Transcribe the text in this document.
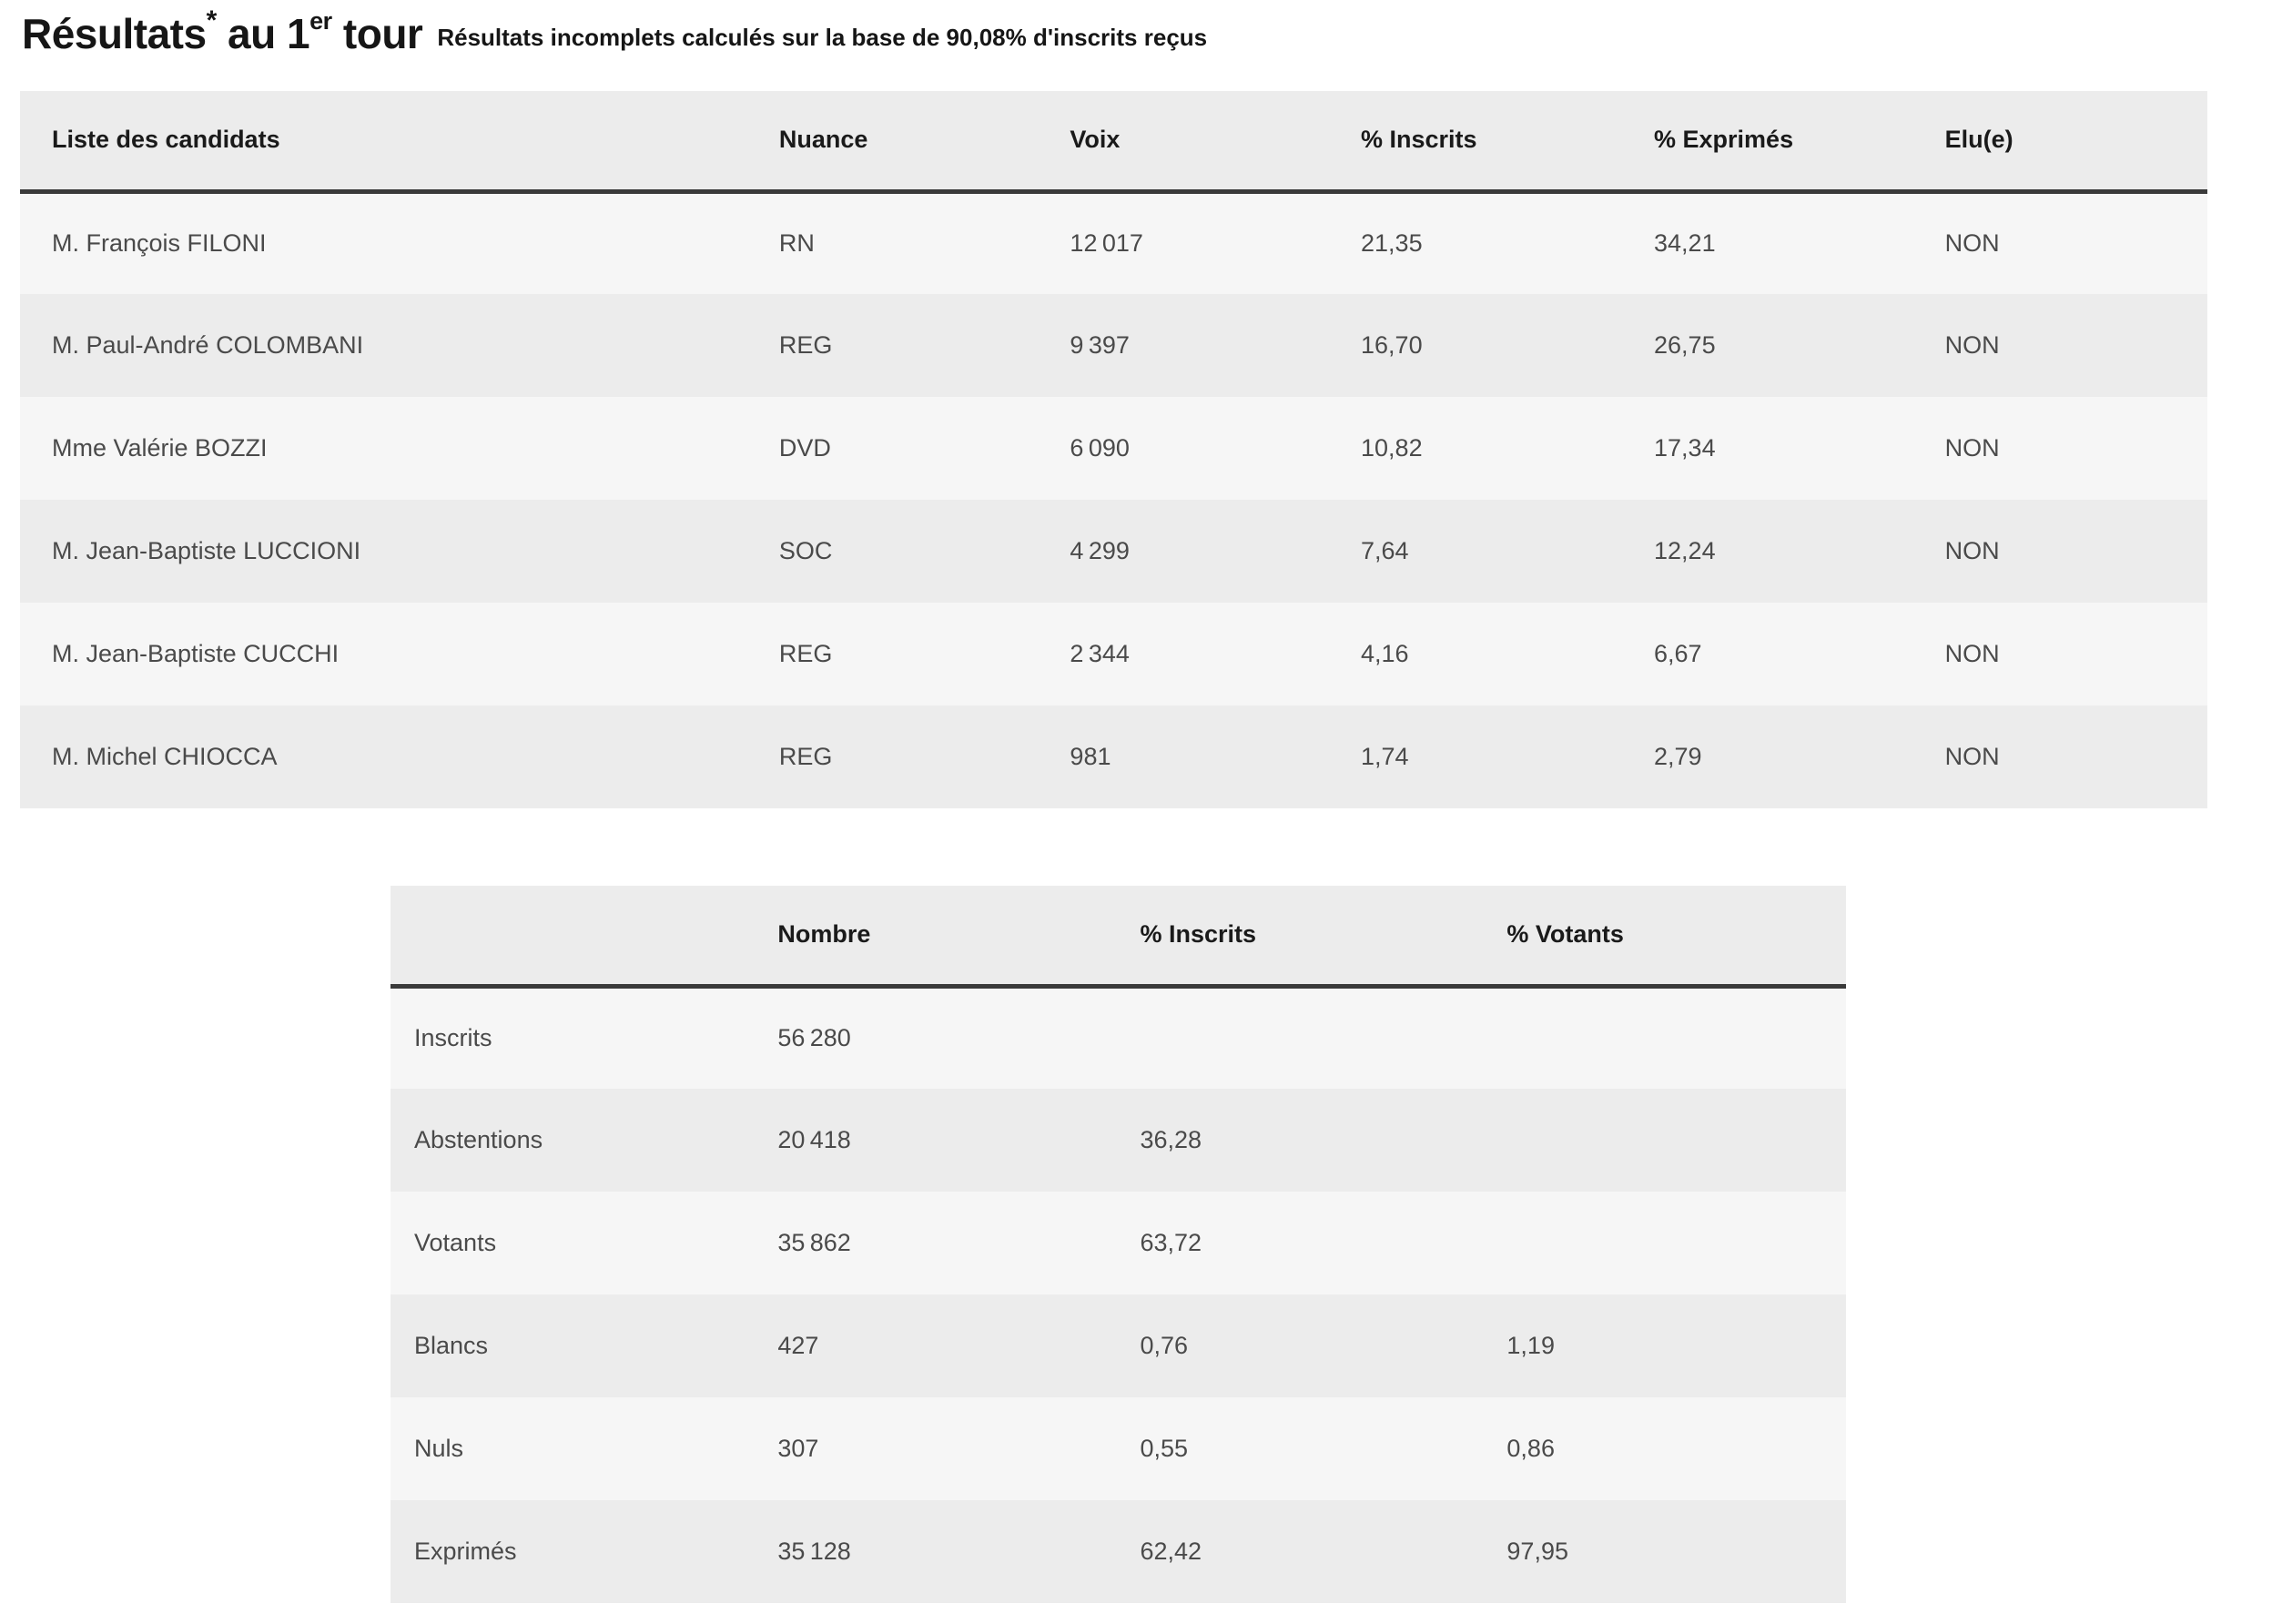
Résultats* au 1er tour Résultats incomplets calculés sur la base de 90,08% d'inscrits reçus

Liste des candidats	Nuance	Voix	% Inscrits	% Exprimés	Elu(e)
M. François FILONI	RN	12 017	21,35	34,21	NON
M. Paul-André COLOMBANI	REG	9 397	16,70	26,75	NON
Mme Valérie BOZZI	DVD	6 090	10,82	17,34	NON
M. Jean-Baptiste LUCCIONI	SOC	4 299	7,64	12,24	NON
M. Jean-Baptiste CUCCHI	REG	2 344	4,16	6,67	NON
M. Michel CHIOCCA	REG	981	1,74	2,79	NON
	Nombre	% Inscrits	% Votants
Inscrits	56 280		
Abstentions	20 418	36,28	
Votants	35 862	63,72	
Blancs	427	0,76	1,19
Nuls	307	0,55	0,86
Exprimés	35 128	62,42	97,95
